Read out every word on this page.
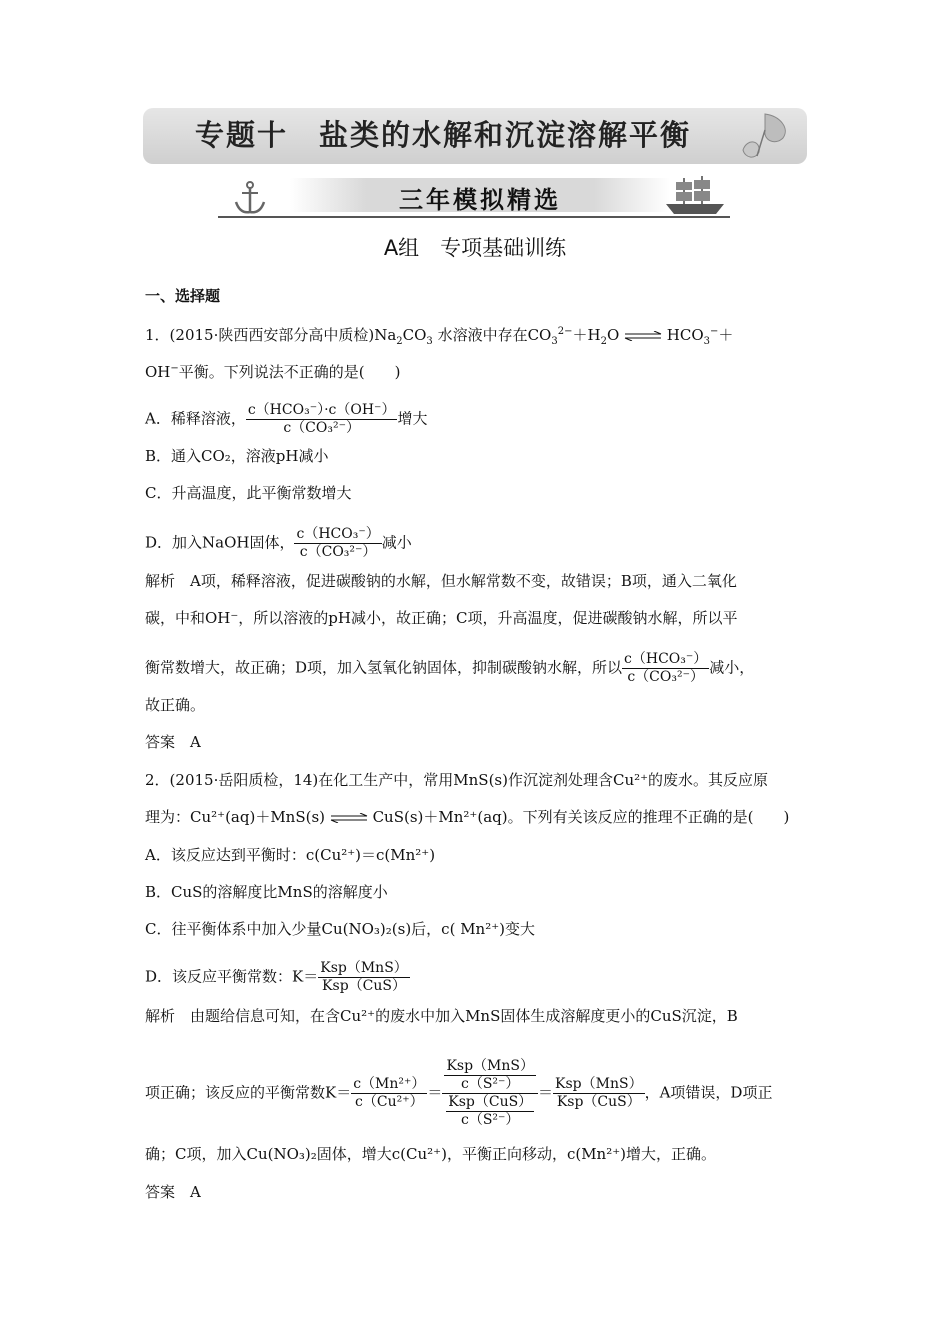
专题十　盐类的水解和沉淀溶解平衡
三年模拟精选
A组　专项基础训练
一、选择题
1．(2015·陕西西安部分高中质检)$Na_2CO_3$ 水溶液中存在$CO_3^{2-}+H_2O$ ⇌ $HCO_3^-+$
OH−平衡。下列说法不正确的是(　　)
A．稀释溶液， $\frac{\text{c（HCO₃⁻）·c（OH⁻）}}{\text{c（CO₃²⁻）}}$ 增大
B．通入CO₂，溶液pH减小
C．升高温度，此平衡常数增大
D．加入NaOH固体， $\frac{\text{c（HCO₃⁻）}}{\text{c（CO₃²⁻）}}$ 减小
解析　A项，稀释溶液，促进碳酸钠的水解，但水解常数不变，故错误；B项，通入二氧化
碳，中和OH⁻，所以溶液的pH减小，故正确；C项，升高温度，促进碳酸钠水解，所以平
衡常数增大，故正确；D项，加入氢氧化钠固体，抑制碳酸钠水解，所以 $\frac{\text{c（HCO₃⁻）}}{\text{c（CO₃²⁻）}}$ 减小，
故正确。
答案　A
2．(2015·岳阳质检，14)在化工生产中，常用MnS(s)作沉淀剂处理含Cu²⁺的废水。其反应原
理为：Cu²⁺(aq)＋MnS(s) ⇌ CuS(s)＋Mn²⁺(aq)。下列有关该反应的推理不正确的是(　　)
A．该反应达到平衡时：c(Cu²⁺)＝c(Mn²⁺)
B．CuS的溶解度比MnS的溶解度小
C．往平衡体系中加入少量Cu(NO₃)₂(s)后，c( Mn²⁺)变大
D．该反应平衡常数：$K= \frac{\text{Ksp（MnS）}}{\text{Ksp（CuS）}}$
解析　由题给信息可知，在含Cu²⁺的废水中加入MnS固体生成溶解度更小的CuS沉淀，B
项正确；该反应的平衡常数$K= \frac{\text{c（Mn²⁺）}}{\text{c（Cu²⁺）}} = \frac{\frac{\text{Ksp（MnS）}}{\text{c（S²⁻）}}}{\frac{\text{Ksp（CuS）}}{\text{c（S²⁻）}}} = \frac{\text{Ksp（MnS）}}{\text{Ksp（CuS）}}$ ，A项错误，D项正
确；C项，加入Cu(NO₃)₂固体，增大c(Cu²⁺)，平衡正向移动，c(Mn²⁺)增大，正确。
答案　A
